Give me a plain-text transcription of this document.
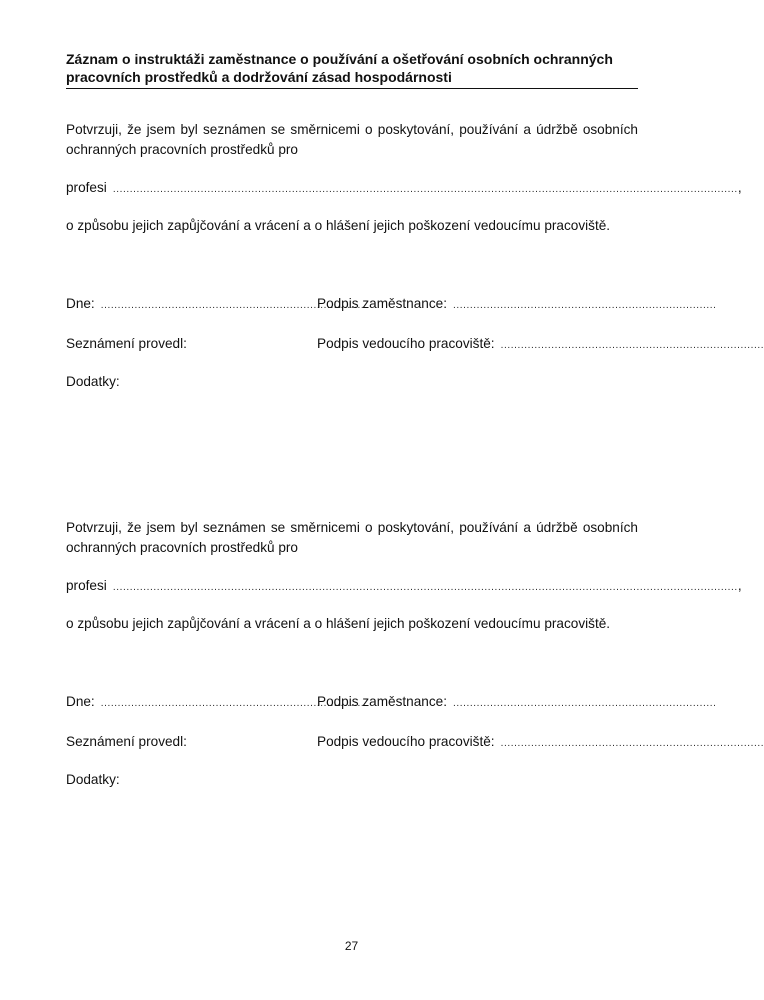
Záznam o instruktáži zaměstnance o používání a ošetřování osobních ochranných
pracovních prostředků a dodržování zásad hospodárnosti

Potvrzuji, že jsem byl seznámen se směrnicemi o poskytování, používání a údržbě osobních ochranných pracovních prostředků pro

profesi ......................................................................................................................................................................................... ,
o způsobu jejich zapůjčování a vrácení a o hlášení jejich poškození vedoucímu pracoviště.
Dne: ..............................................................................
Podpis zaměstnance: ..............................................................................
Seznámení provedl:	Podpis vedoucího pracoviště: ..............................................................................
Dodatky:

Potvrzuji, že jsem byl seznámen se směrnicemi o poskytování, používání a údržbě osobních ochranných pracovních prostředků pro

profesi ......................................................................................................................................................................................... ,
o způsobu jejich zapůjčování a vrácení a o hlášení jejich poškození vedoucímu pracoviště.
Dne: ..............................................................................
Podpis zaměstnance: ..............................................................................
Seznámení provedl:	Podpis vedoucího pracoviště: ..............................................................................
Dodatky:
27
